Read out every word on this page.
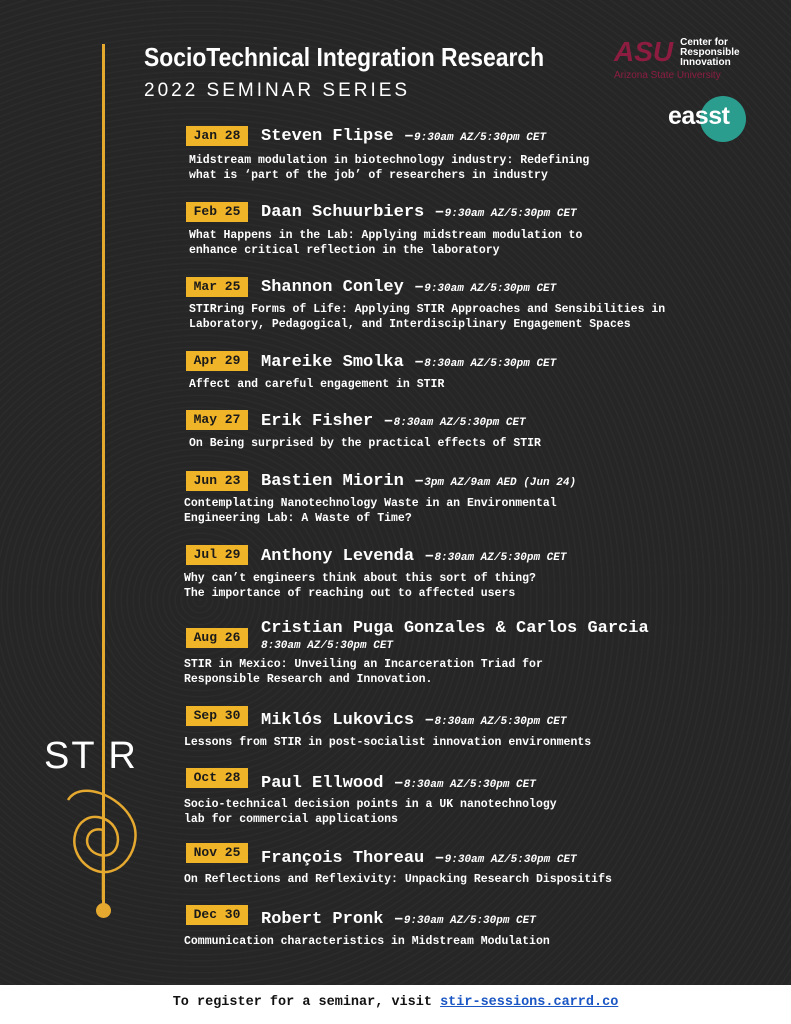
ST R
SocioTechnical Integration Research
2022 SEMINAR SERIES
ASU Center for
Responsible
Innovation
Arizona State University
easst
Jan 28	Steven Flipse –9:30am AZ/5:30pm CET
Midstream modulation in biotechnology industry: Redefining
what is ‘part of the job’ of researchers in industry
Feb 25	Daan Schuurbiers –9:30am AZ/5:30pm CET
What Happens in the Lab: Applying midstream modulation to
enhance critical reflection in the laboratory
Mar 25	Shannon Conley –9:30am AZ/5:30pm CET
STIRring Forms of Life: Applying STIR Approaches and Sensibilities in
Laboratory, Pedagogical, and Interdisciplinary Engagement Spaces
Apr 29	Mareike Smolka –8:30am AZ/5:30pm CET
Affect and careful engagement in STIR
May 27	Erik Fisher –8:30am AZ/5:30pm CET
On Being surprised by the practical effects of STIR
Jun 23	Bastien Miorin –3pm AZ/9am AED (Jun 24)
Contemplating Nanotechnology Waste in an Environmental
Engineering Lab: A Waste of Time?
Jul 29	Anthony Levenda –8:30am AZ/5:30pm CET
Why can’t engineers think about this sort of thing?
The importance of reaching out to affected users
Aug 26	Cristian Puga Gonzales & Carlos Garcia
8:30am AZ/5:30pm CET
STIR in Mexico: Unveiling an Incarceration Triad for
Responsible Research and Innovation.
Sep 30	Miklós Lukovics –8:30am AZ/5:30pm CET
Lessons from STIR in post-socialist innovation environments
Oct 28	Paul Ellwood –8:30am AZ/5:30pm CET
Socio-technical decision points in a UK nanotechnology
lab for commercial applications
Nov 25	François Thoreau –9:30am AZ/5:30pm CET
On Reflections and Reflexivity: Unpacking Research Dispositifs
Dec 30	Robert Pronk –9:30am AZ/5:30pm CET
Communication characteristics in Midstream Modulation
To register for a seminar, visit stir-sessions.carrd.co
